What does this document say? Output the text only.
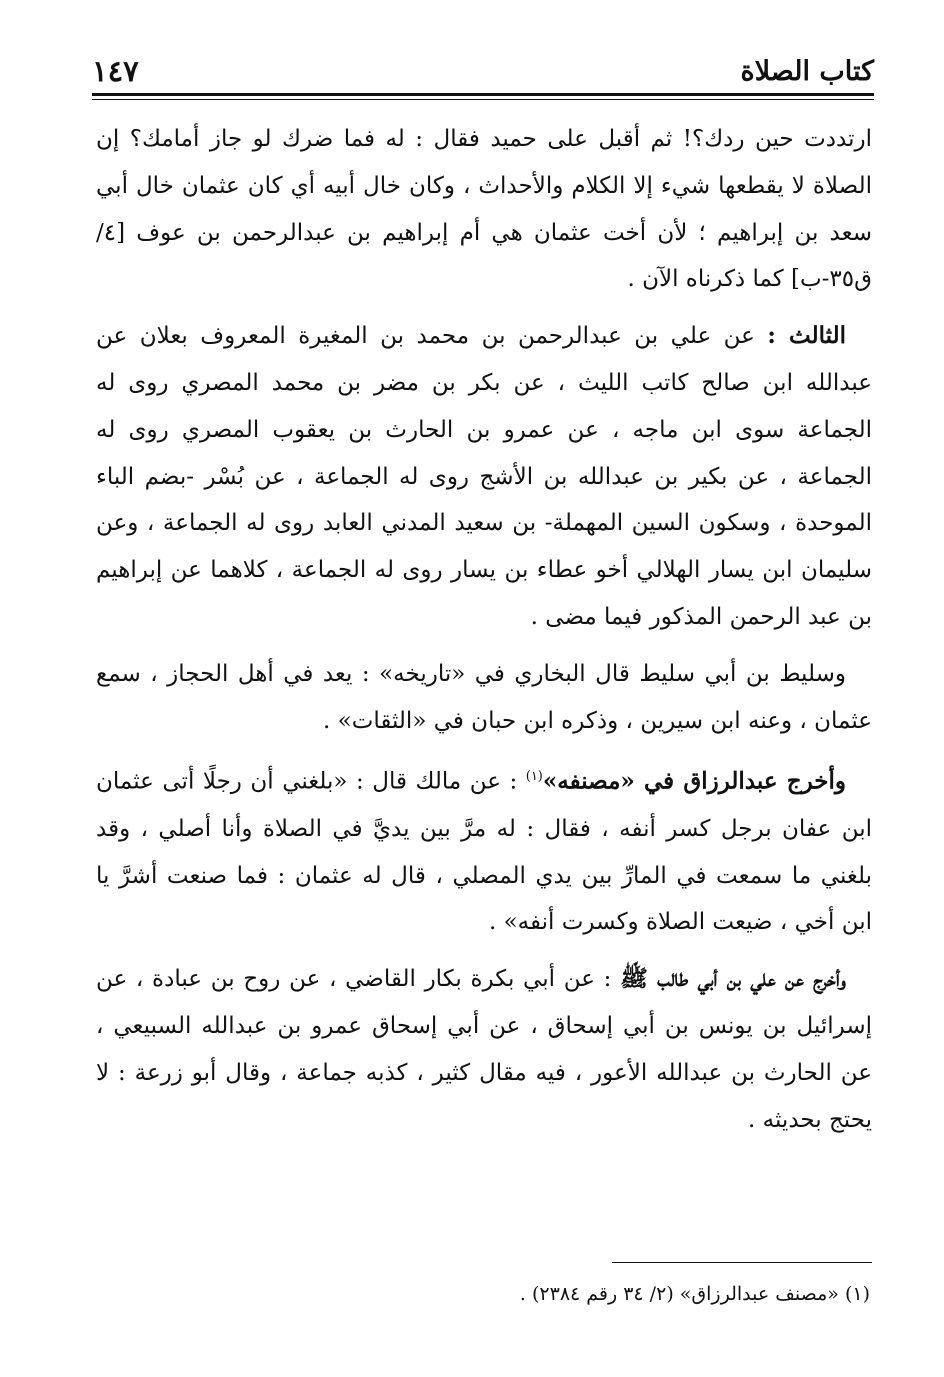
كتاب الصلاة
١٤٧

ارتددت حين ردك؟! ثم أقبل على حميد فقال : له فما ضرك لو جاز أمامك؟ إن الصلاة لا يقطعها شيء إلا الكلام والأحداث ، وكان خال أبيه أي كان عثمان خال أبي سعد بن إبراهيم ؛ لأن أخت عثمان هي أم إبراهيم بن عبدالرحمن بن عوف [٤/ ق٣٥-ب] كما ذكرناه الآن .

الثالث : عن علي بن عبدالرحمن بن محمد بن المغيرة المعروف بعلان عن عبدالله ابن صالح كاتب الليث ، عن بكر بن مضر بن محمد المصري روى له الجماعة سوى ابن ماجه ، عن عمرو بن الحارث بن يعقوب المصري روى له الجماعة ، عن بكير بن عبدالله بن الأشج روى له الجماعة ، عن بُسْر -بضم الباء الموحدة ، وسكون السين المهملة- بن سعيد المدني العابد روى له الجماعة ، وعن سليمان ابن يسار الهلالي أخو عطاء بن يسار روى له الجماعة ، كلاهما عن إبراهيم بن عبد الرحمن المذكور فيما مضى .

وسليط بن أبي سليط قال البخاري في «تاريخه» : يعد في أهل الحجاز ، سمع عثمان ، وعنه ابن سيرين ، وذكره ابن حبان في «الثقات» .

وأخرج عبدالرزاق في «مصنفه»$^{(١)}$ : عن مالك قال : «بلغني أن رجلًا أتى عثمان ابن عفان برجل كسر أنفه ، فقال : له مرَّ بين يديَّ في الصلاة وأنا أصلي ، وقد بلغني ما سمعت في المارِّ بين يدي المصلي ، قال له عثمان : فما صنعت أشرَّ يا ابن أخي ، ضيعت الصلاة وكسرت أنفه» .

وأخرج عن علي بن أبي طالب ﷺ : عن أبي بكرة بكار القاضي ، عن روح بن عبادة ، عن إسرائيل بن يونس بن أبي إسحاق ، عن أبي إسحاق عمرو بن عبدالله السبيعي ، عن الحارث بن عبدالله الأعور ، فيه مقال كثير ، كذبه جماعة ، وقال أبو زرعة : لا يحتج بحديثه .

(١) «مصنف عبدالرزاق» (٢/ ٣٤ رقم ٢٣٨٤) .
